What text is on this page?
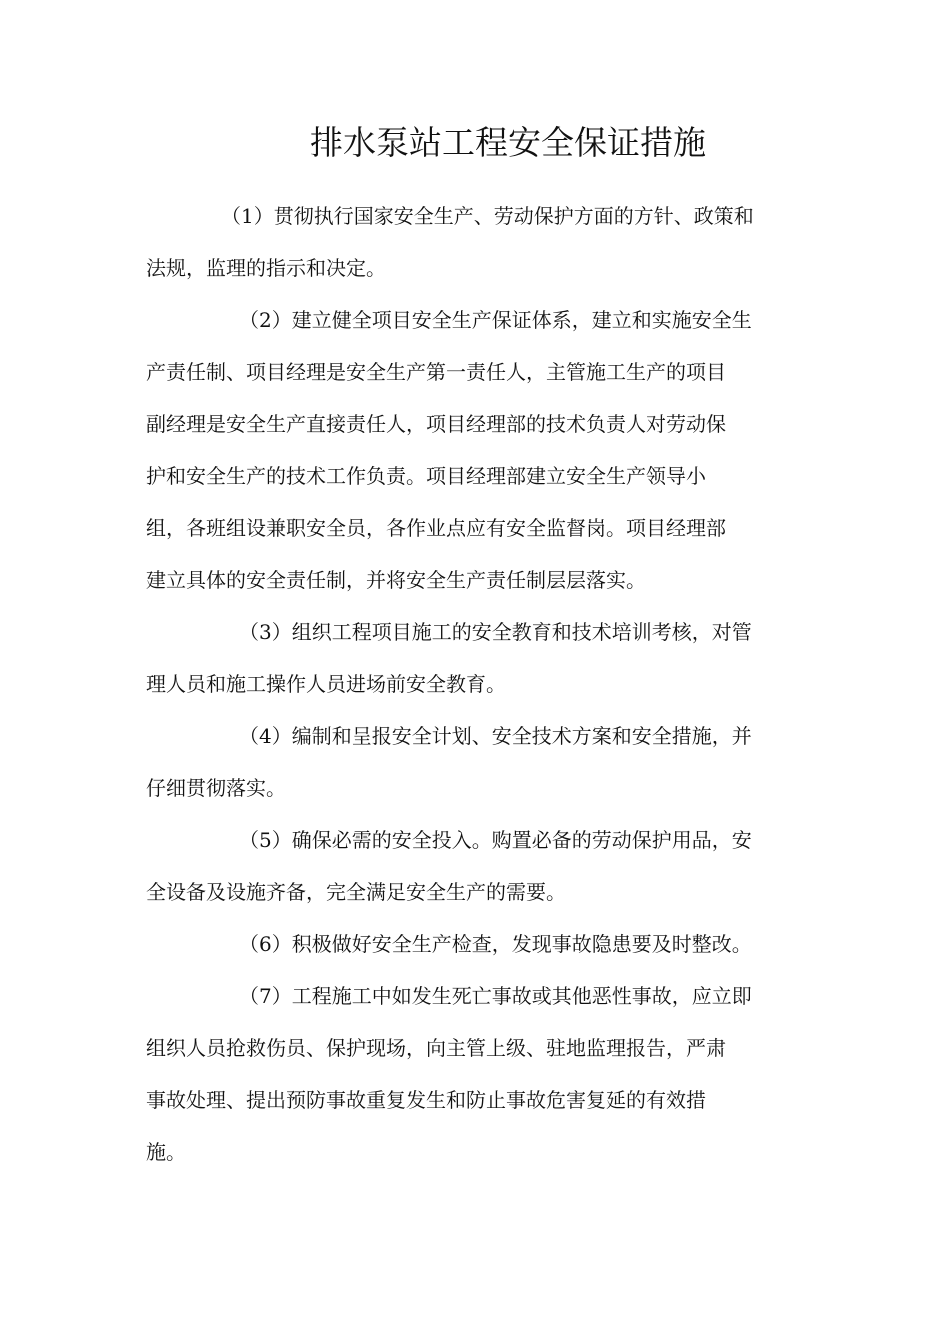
排水泵站工程安全保证措施

（1）贯彻执行国家安全生产、劳动保护方面的方针、政策和
法规，监理的指示和决定。

（2）建立健全项目安全生产保证体系，建立和实施安全生
产责任制、项目经理是安全生产第一责任人，主管施工生产的项目
副经理是安全生产直接责任人，项目经理部的技术负责人对劳动保
护和安全生产的技术工作负责。项目经理部建立安全生产领导小
组，各班组设兼职安全员，各作业点应有安全监督岗。项目经理部
建立具体的安全责任制，并将安全生产责任制层层落实。

（3）组织工程项目施工的安全教育和技术培训考核，对管
理人员和施工操作人员进场前安全教育。

（4）编制和呈报安全计划、安全技术方案和安全措施，并
仔细贯彻落实。

（5）确保必需的安全投入。购置必备的劳动保护用品，安
全设备及设施齐备，完全满足安全生产的需要。

（6）积极做好安全生产检查，发现事故隐患要及时整改。

（7）工程施工中如发生死亡事故或其他恶性事故，应立即
组织人员抢救伤员、保护现场，向主管上级、驻地监理报告，严肃
事故处理、提出预防事故重复发生和防止事故危害复延的有效措
施。
